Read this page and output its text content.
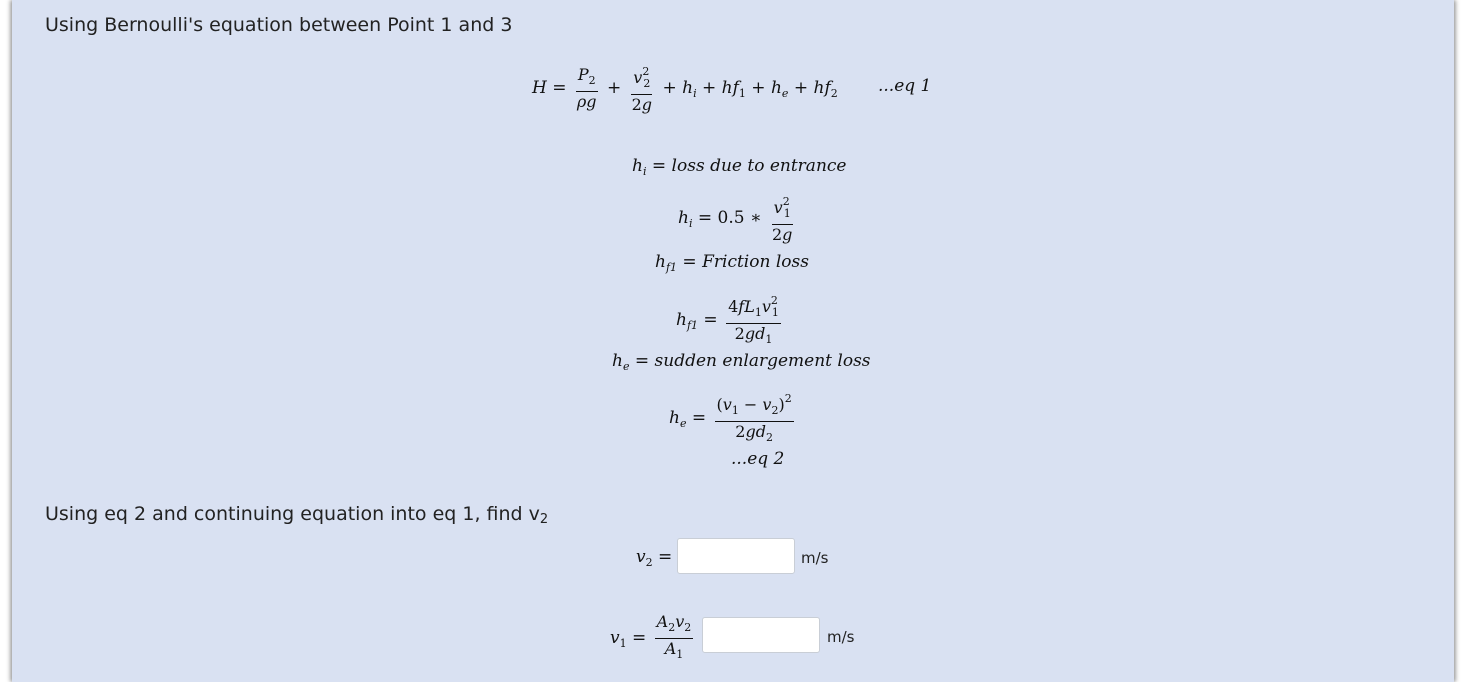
Using Bernoulli's equation between Point 1 and 3
$H = \frac{P_2}{\rho g} + \frac{v^2_2}{2g} + h_i + hf_1 + h_e + hf_2$ ...eq 1
$h_i$ = loss due to entrance
$h_i = 0.5$ ∗ $\frac{v^2_1}{2g}$
$h_{f1}$ = Friction loss
$h_{f1} = \frac{4fL_1v^2_1}{2gd_1}$
$h_e$ = sudden enlargement loss
$h_e = \frac{(v_1 - v_2)^2}{2gd_2}$
...eq 2
Using eq 2 and continuing equation into eq 1, find $v_2$
$v_2$ =	m/s
$v_1 = \frac{A_2v_2}{A_1}$	m/s
